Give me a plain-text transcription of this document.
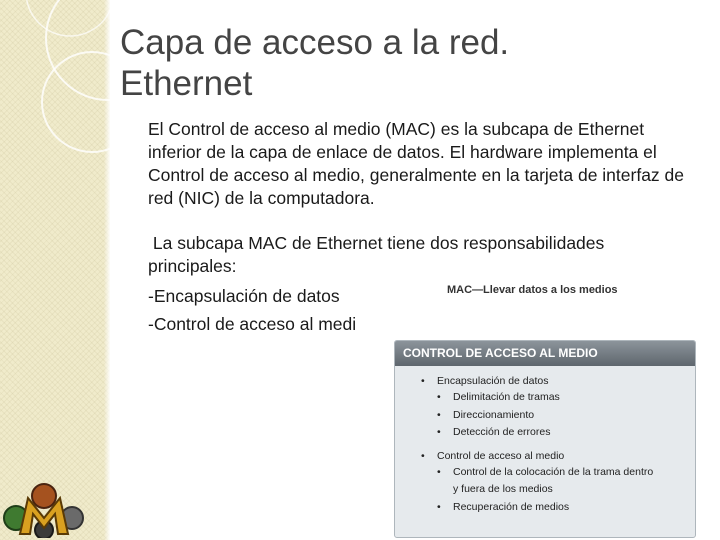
Capa de acceso a la red.
Ethernet

El Control de acceso al medio (MAC) es la subcapa de Ethernet inferior de la capa de enlace de datos. El hardware implementa el Control de acceso al medio, generalmente en la tarjeta de interfaz de red (NIC) de la computadora.

La subcapa MAC de Ethernet tiene dos responsabilidades
principales:
-Encapsulación de datos
-Control de acceso al medi

MAC—Llevar datos a los medios
CONTROL DE ACCESO AL MEDIO
•	Encapsulación de datos
•	Delimitación de tramas
•	Direccionamiento
•	Detección de errores
•	Control de acceso al medio
•	Control de la colocación de la trama dentro
y fuera de los medios
•	Recuperación de medios
